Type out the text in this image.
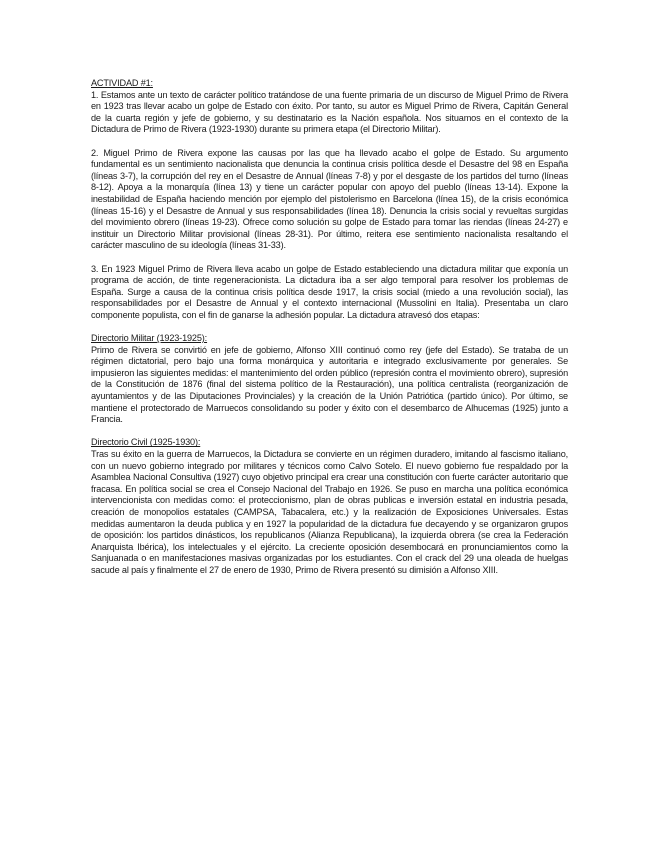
ACTIVIDAD #1:

1. Estamos ante un texto de carácter político tratándose de una fuente primaria de un discurso de Miguel Primo de Rivera en 1923 tras llevar acabo un golpe de Estado con éxito. Por tanto, su autor es Miguel Primo de Rivera, Capitán General de la cuarta región y jefe de gobierno, y su destinatario es la Nación española. Nos situamos en el contexto de la Dictadura de Primo de Rivera (1923-1930) durante su primera etapa (el Directorio Militar).

2. Miguel Primo de Rivera expone las causas por las que ha llevado acabo el golpe de Estado. Su argumento fundamental es un sentimiento nacionalista que denuncia la continua crisis política desde el Desastre del 98 en España (líneas 3-7), la corrupción del rey en el Desastre de Annual (líneas 7-8) y por el desgaste de los partidos del turno (líneas 8-12). Apoya a la monarquía (línea 13) y tiene un carácter popular con apoyo del pueblo (líneas 13-14). Expone la inestabilidad de España haciendo mención por ejemplo del pistolerismo en Barcelona (línea 15), de la crisis económica (líneas 15-16) y el Desastre de Annual y sus responsabilidades (línea 18). Denuncia la crisis social y revueltas surgidas del movimiento obrero (líneas 19-23). Ofrece como solución su golpe de Estado para tomar las riendas (líneas 24-27) e instituir un Directorio Militar provisional (líneas 28-31). Por último, reitera ese sentimiento nacionalista resaltando el carácter masculino de su ideología (líneas 31-33).

3. En 1923 Miguel Primo de Rivera lleva acabo un golpe de Estado estableciendo una dictadura militar que exponía un programa de acción, de tinte regeneracionista. La dictadura iba a ser algo temporal para resolver los problemas de España. Surge a causa de la continua crisis política desde 1917, la crisis social (miedo a una revolución social), las responsabilidades por el Desastre de Annual y el contexto internacional (Mussolini en Italia). Presentaba un claro componente populista, con el fin de ganarse la adhesión popular. La dictadura atravesó dos etapas:

Directorio Militar (1923-1925):

Primo de Rivera se convirtió en jefe de gobierno, Alfonso XIII continuó como rey (jefe del Estado). Se trataba de un régimen dictatorial, pero bajo una forma monárquica y autoritaria e integrado exclusivamente por generales. Se impusieron las siguientes medidas: el mantenimiento del orden público (represión contra el movimiento obrero), supresión de la Constitución de 1876 (final del sistema político de la Restauración), una política centralista (reorganización de ayuntamientos y de las Diputaciones Provinciales) y la creación de la Unión Patriótica (partido único). Por último, se mantiene el protectorado de Marruecos consolidando su poder y éxito con el desembarco de Alhucemas (1925) junto a Francia.

Directorio Civil (1925-1930):

Tras su éxito en la guerra de Marruecos, la Dictadura se convierte en un régimen duradero, imitando al fascismo italiano, con un nuevo gobierno integrado por militares y técnicos como Calvo Sotelo. El nuevo gobierno fue respaldado por la Asamblea Nacional Consultiva (1927) cuyo objetivo principal era crear una constitución con fuerte carácter autoritario que fracasa. En política social se crea el Consejo Nacional del Trabajo en 1926. Se puso en marcha una política económica intervencionista con medidas como: el proteccionismo, plan de obras publicas e inversión estatal en industria pesada, creación de monopolios estatales (CAMPSA, Tabacalera, etc.) y la realización de Exposiciones Universales. Estas medidas aumentaron la deuda publica y en 1927 la popularidad de la dictadura fue decayendo y se organizaron grupos de oposición: los partidos dinásticos, los republicanos (Alianza Republicana), la izquierda obrera (se crea la Federación Anarquista Ibérica), los intelectuales y el ejército. La creciente oposición desembocará en pronunciamientos como la Sanjuanada o en manifestaciones masivas organizadas por los estudiantes. Con el crack del 29 una oleada de huelgas sacude al país y finalmente el 27 de enero de 1930, Primo de Rivera presentó su dimisión a Alfonso XIII.
